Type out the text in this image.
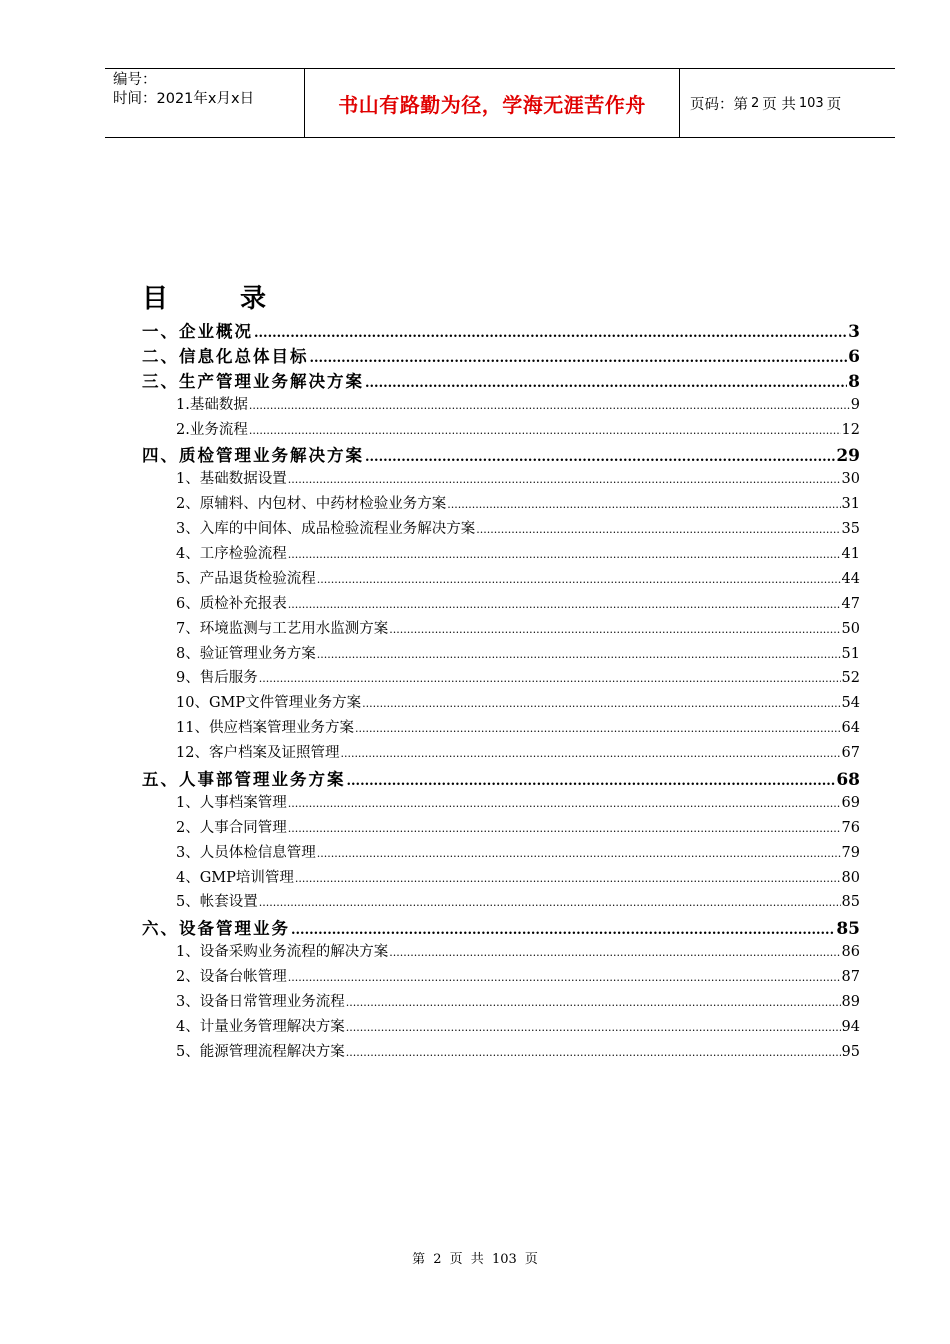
编号：
时间：2021年x月x日	书山有路勤为径，学海无涯苦作舟	页码：第 2 页 共 103 页
目	录
一、企业概况 .....	3
二、信息化总体目标 .....	6
三、生产管理业务解决方案 .....	8
1.基础数据 .....	9
2.业务流程 .....	12
四、质检管理业务解决方案 .....	29
1、基础数据设置 .....	30
2、原辅料、内包材、中药材检验业务方案 .....	31
3、入库的中间体、成品检验流程业务解决方案 .....	35
4、工序检验流程 .....	41
5、产品退货检验流程 .....	44
6、质检补充报表 .....	47
7、环境监测与工艺用水监测方案 .....	50
8、验证管理业务方案 .....	51
9、售后服务 .....	52
10、GMP文件管理业务方案 .....	54
11、供应档案管理业务方案 .....	64
12、客户档案及证照管理 .....	67
五、人事部管理业务方案 .....	68
1、人事档案管理 .....	69
2、人事合同管理 .....	76
3、人员体检信息管理 .....	79
4、GMP培训管理 .....	80
5、帐套设置 .....	85
六、设备管理业务 .....	85
1、设备采购业务流程的解决方案 .....	86
2、设备台帐管理 .....	87
3、设备日常管理业务流程 .....	89
4、计量业务管理解决方案 .....	94
5、能源管理流程解决方案 .....	95
第 2 页 共 103 页
